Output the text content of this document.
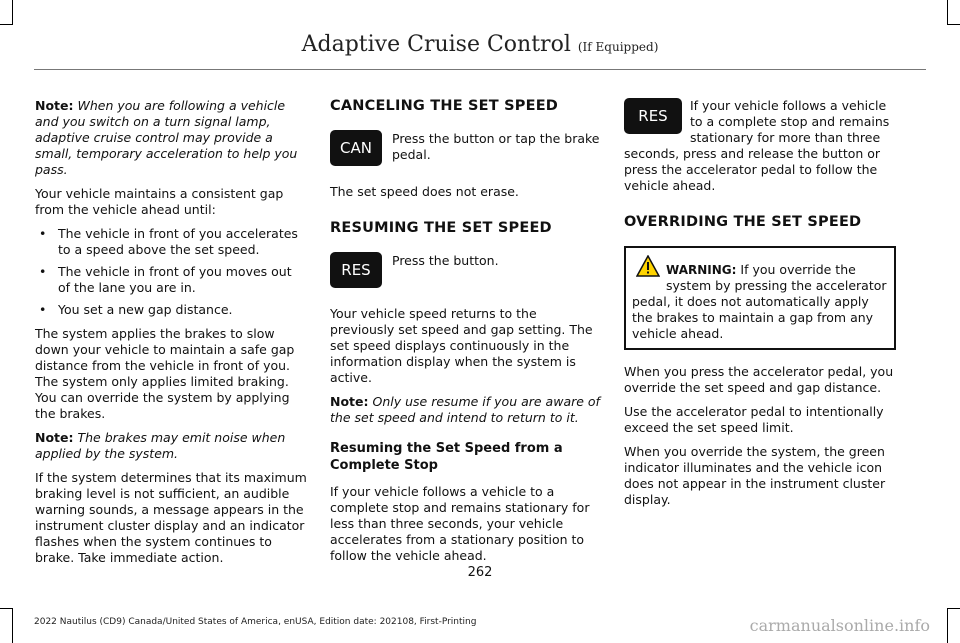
Adaptive Cruise Control (If Equipped)

Note: When you are following a vehicle and you switch on a turn signal lamp, adaptive cruise control may provide a small, temporary acceleration to help you pass.

Your vehicle maintains a consistent gap from the vehicle ahead until:

• The vehicle in front of you accelerates to a speed above the set speed.
• The vehicle in front of you moves out of the lane you are in.
• You set a new gap distance.

The system applies the brakes to slow down your vehicle to maintain a safe gap distance from the vehicle in front of you. The system only applies limited braking. You can override the system by applying the brakes.

Note: The brakes may emit noise when applied by the system.

If the system determines that its maximum braking level is not sufficient, an audible warning sounds, a message appears in the instrument cluster display and an indicator flashes when the system continues to brake. Take immediate action.

CANCELING THE SET SPEED
CAN
Press the button or tap the brake pedal.

The set speed does not erase.

RESUMING THE SET SPEED
RES
Press the button.

Your vehicle speed returns to the previously set speed and gap setting. The set speed displays continuously in the information display when the system is active.

Note: Only use resume if you are aware of the set speed and intend to return to it.

Resuming the Set Speed from a Complete Stop

If your vehicle follows a vehicle to a complete stop and remains stationary for less than three seconds, your vehicle accelerates from a stationary position to follow the vehicle ahead.

RES

If your vehicle follows a vehicle to a complete stop and remains stationary for more than three seconds, press and release the button or press the accelerator pedal to follow the vehicle ahead.

OVERRIDING THE SET SPEED
WARNING: If you override the system by pressing the accelerator pedal, it does not automatically apply the brakes to maintain a gap from any vehicle ahead.

When you press the accelerator pedal, you override the set speed and gap distance.

Use the accelerator pedal to intentionally exceed the set speed limit.

When you override the system, the green indicator illuminates and the vehicle icon does not appear in the instrument cluster display.

262
2022 Nautilus (CD9) Canada/United States of America, enUSA, Edition date: 202108, First-Printing	carmanualsonline.info
